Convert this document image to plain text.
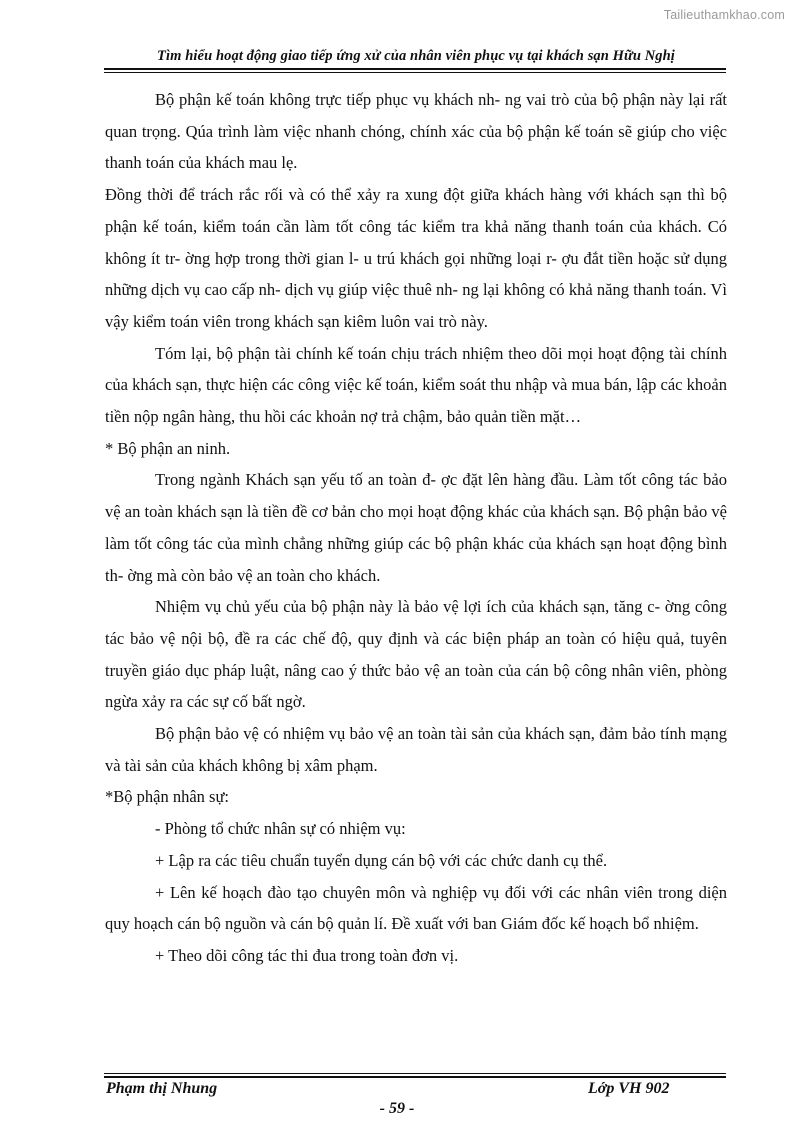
Tailieuthamkhao.com
Tìm hiểu hoạt động giao tiếp ứng xử của nhân viên phục vụ tại khách sạn Hữu Nghị

Bộ phận kế toán không trực tiếp phục vụ khách nh- ng vai trò của bộ phận này lại rất quan trọng. Qúa trình làm việc nhanh chóng, chính xác của bộ phận kế toán sẽ giúp cho việc thanh toán của khách mau lẹ.

Đồng thời để trách rắc rối và có thể xảy ra xung đột giữa khách hàng với khách sạn thì bộ phận kế toán, kiểm toán cần làm tốt công tác kiểm tra khả năng thanh toán của khách. Có không ít tr- ờng hợp trong thời gian l- u trú khách gọi những loại r- ợu đắt tiền hoặc sử dụng những dịch vụ cao cấp nh- dịch vụ giúp việc thuê nh- ng lại không có khả năng thanh toán. Vì vậy kiểm toán viên trong khách sạn kiêm luôn vai trò này.

Tóm lại, bộ phận tài chính kế toán chịu trách nhiệm theo dõi mọi hoạt động tài chính của khách sạn, thực hiện các công việc kế toán, kiểm soát thu nhập và mua bán, lập các khoản tiền nộp ngân hàng, thu hồi các khoản nợ trả chậm, bảo quản tiền mặt…

* Bộ phận an ninh.

Trong ngành Khách sạn yếu tố an toàn đ- ợc đặt lên hàng đầu. Làm tốt công tác bảo vệ an toàn khách sạn là tiền đề cơ bản cho mọi hoạt động khác của khách sạn. Bộ phận bảo vệ làm tốt công tác của mình chẳng những giúp các bộ phận khác của khách sạn hoạt động bình th- ờng mà còn bảo vệ an toàn cho khách.

Nhiệm vụ chủ yếu của bộ phận này là bảo vệ lợi ích của khách sạn, tăng c- ờng công tác bảo vệ nội bộ, đề ra các chế độ, quy định và các biện pháp an toàn có hiệu quả, tuyên truyền giáo dục pháp luật, nâng cao ý thức bảo vệ an toàn của cán bộ công nhân viên, phòng ngừa xảy ra các sự cố bất ngờ.

Bộ phận bảo vệ có nhiệm vụ bảo vệ an toàn tài sản của khách sạn, đảm bảo tính mạng và tài sản của khách không bị xâm phạm.

*Bộ phận nhân sự:

- Phòng tổ chức nhân sự có nhiệm vụ:

+ Lập ra các tiêu chuẩn tuyển dụng cán bộ với các chức danh cụ thể.

+ Lên kế hoạch đào tạo chuyên môn và nghiệp vụ đối với các nhân viên trong diện quy hoạch cán bộ nguồn và cán bộ quản lí. Đề xuất với ban Giám đốc kế hoạch bổ nhiệm.

+ Theo dõi công tác thi đua trong toàn đơn vị.

Phạm thị Nhung	Lớp VH 902
- 59 -
